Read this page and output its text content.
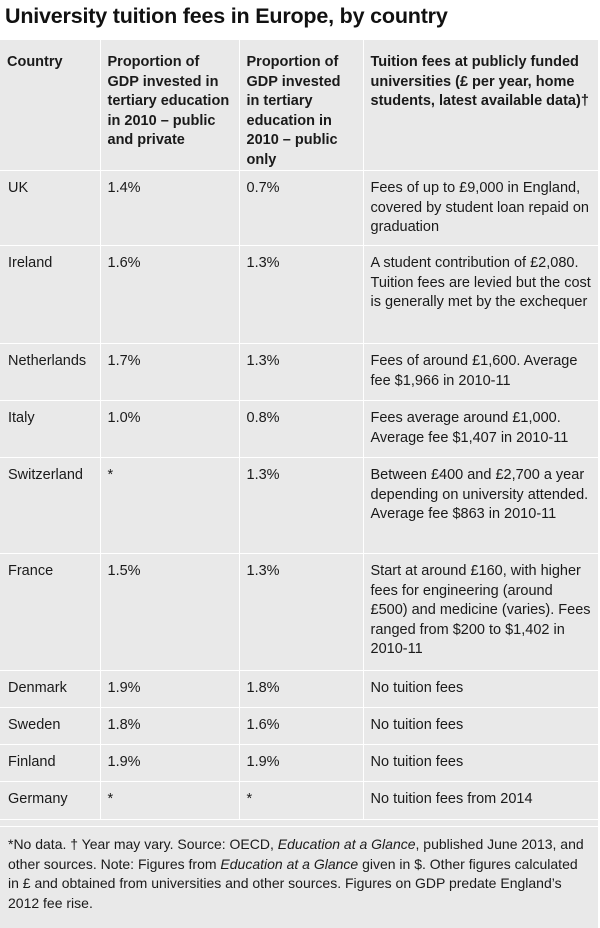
University tuition fees in Europe, by country
Country	Proportion of GDP invested in tertiary education in 2010 – public and private	Proportion of GDP invested in tertiary education in 2010 – public only	Tuition fees at publicly funded universities (£ per year, home students, latest available data)†
UK	1.4%	0.7%	Fees of up to £9,000 in England, covered by student loan repaid on graduation
Ireland	1.6%	1.3%	A student contribution of £2,080. Tuition fees are levied but the cost is generally met by the exchequer
Netherlands	1.7%	1.3%	Fees of around £1,600. Average fee $1,966 in 2010-11
Italy	1.0%	0.8%	Fees average around £1,000. Average fee $1,407 in 2010-11
Switzerland	*	1.3%	Between £400 and £2,700 a year depending on university attended. Average fee $863 in 2010-11
France	1.5%	1.3%	Start at around £160, with higher fees for engineering (around £500) and medicine (varies). Fees ranged from $200 to $1,402 in 2010-11
Denmark	1.9%	1.8%	No tuition fees
Sweden	1.8%	1.6%	No tuition fees
Finland	1.9%	1.9%	No tuition fees
Germany	*	*	No tuition fees from 2014
*No data. † Year may vary. Source: OECD, Education at a Glance, published June 2013, and other sources. Note: Figures from Education at a Glance given in $. Other figures calculated in £ and obtained from universities and other sources. Figures on GDP predate England’s 2012 fee rise.
